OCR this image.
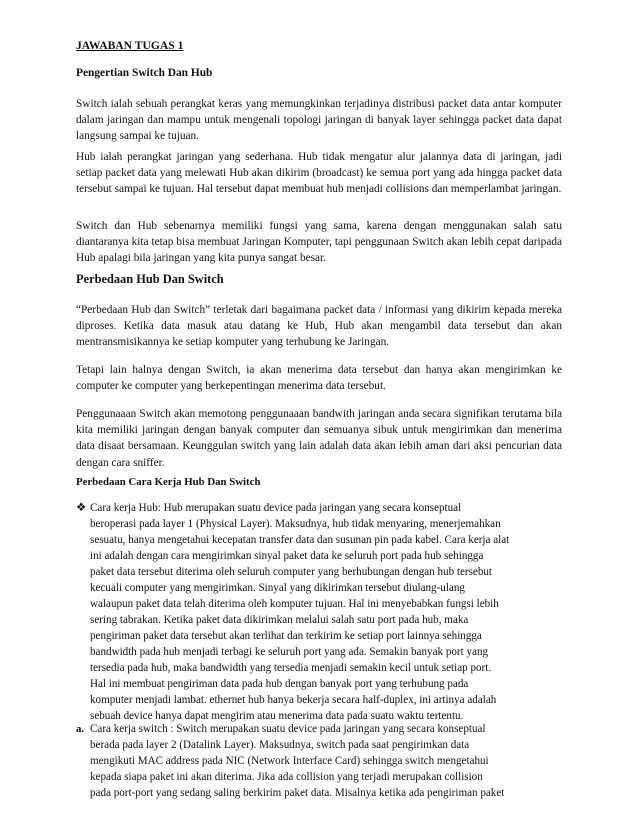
JAWABAN TUGAS 1
Pengertian Switch Dan Hub

Switch ialah sebuah perangkat keras yang memungkinkan terjadinya distribusi packet data antar komputer dalam jaringan dan mampu untuk mengenali topologi jaringan di banyak layer sehingga packet data dapat langsung sampai ke tujuan.

Hub ialah perangkat jaringan yang sederhana. Hub tidak mengatur alur jalannya data di jaringan, jadi setiap packet data yang melewati Hub akan dikirim (broadcast) ke semua port yang ada hingga packet data tersebut sampai ke tujuan. Hal tersebut dapat membuat hub menjadi collisions dan memperlambat jaringan.

Switch dan Hub sebenarnya memiliki fungsi yang sama, karena dengan menggunakan salah satu diantaranya kita tetap bisa membuat Jaringan Komputer, tapi penggunaan Switch akan lebih cepat daripada Hub apalagi bila jaringan yang kita punya sangat besar.

Perbedaan Hub Dan Switch

“Perbedaan Hub dan Switch” terletak dari bagaimana packet data / informasi yang dikirim kepada mereka diproses. Ketika data masuk atau datang ke Hub, Hub akan mengambil data tersebut dan akan mentransmisikannya ke setiap komputer yang terhubung ke Jaringan.

Tetapi lain halnya dengan Switch, ia akan menerima data tersebut dan hanya akan mengirimkan ke computer ke computer yang berkepentingan menerima data tersebut.

Penggunaaan Switch akan memotong penggunaaan bandwith jaringan anda secara signifikan terutama bila kita memiliki jaringan dengan banyak computer dan semuanya sibuk untuk mengirimkan dan menerima data disaat bersamaan. Keunggulan switch yang lain adalah data akan lebih aman dari aksi pencurian data dengan cara sniffer.

Perbedaan Cara Kerja Hub Dan Switch
❖ Cara kerja Hub: Hub merupakan suatu device pada jaringan yang secara konseptual
beroperasi pada layer 1 (Physical Layer). Maksudnya, hub tidak menyaring, menerjemahkan
sesuatu, hanya mengetahui kecepatan transfer data dan susunan pin pada kabel. Cara kerja alat
ini adalah dengan cara mengirimkan sinyal paket data ke seluruh port pada hub sehingga
paket data tersebut diterima oleh seluruh computer yang berhubungan dengan hub tersebut
kecuali computer yang mengirimkan. Sinyal yang dikirimkan tersebut diulang-ulang
walaupun paket data telah diterima oleh komputer tujuan. Hal ini menyebabkan fungsi lebih
sering tabrakan. Ketika paket data dikirimkan melalui salah satu port pada hub, maka
pengiriman paket data tersebut akan terlihat dan terkirim ke setiap port lainnya sehingga
bandwidth pada hub menjadi terbagi ke seluruh port yang ada. Semakin banyak port yang
tersedia pada hub, maka bandwidth yang tersedia menjadi semakin kecil untuk setiap port.
Hal ini membuat pengiriman data pada hub dengan banyak port yang terhubung pada
komputer menjadi lambat. ethernet hub hanya bekerja secara half-duplex, ini artinya adalah
sebuah device hanya dapat mengirim atau menerima data pada suatu waktu tertentu.
a. Cara kerja switch : Switch merupakan suatu device pada jaringan yang secara konseptual
berada pada layer 2 (Datalink Layer). Maksudnya, switch pada saat pengirimkan data
mengikuti MAC address pada NIC (Network Interface Card) sehingga switch mengetahui
kepada siapa paket ini akan diterima. Jika ada collision yang terjadi merupakan collision
pada port-port yang sedang saling berkirim paket data. Misalnya ketika ada pengiriman paket
